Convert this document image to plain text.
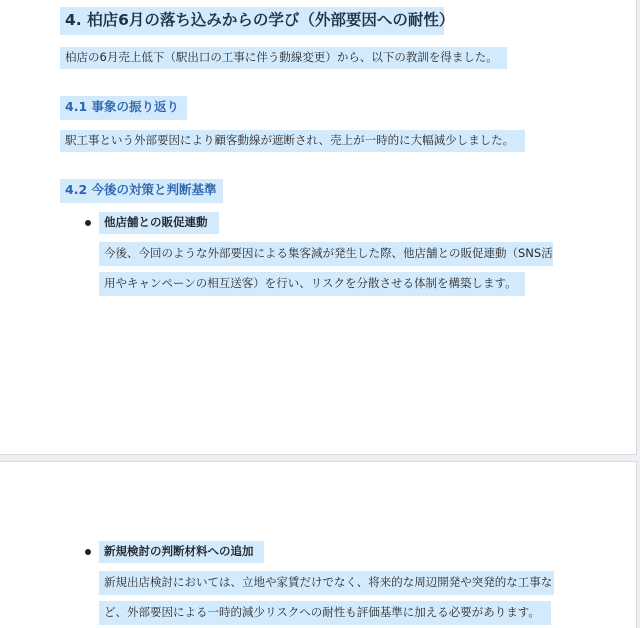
4. 柏店6月の落ち込みからの学び（外部要因への耐性）
柏店の6月売上低下（駅出口の工事に伴う動線変更）から、以下の教訓を得ました。
4.1 事象の振り返り
駅工事という外部要因により顧客動線が遮断され、売上が一時的に大幅減少しました。
4.2 今後の対策と判断基準
他店舗との販促連動
今後、今回のような外部要因による集客減が発生した際、他店舗との販促連動（SNS活
用やキャンペーンの相互送客）を行い、リスクを分散させる体制を構築します。
新規検討の判断材料への追加
新規出店検討においては、立地や家賃だけでなく、将来的な周辺開発や突発的な工事な
ど、外部要因による一時的減少リスクへの耐性も評価基準に加える必要があります。
